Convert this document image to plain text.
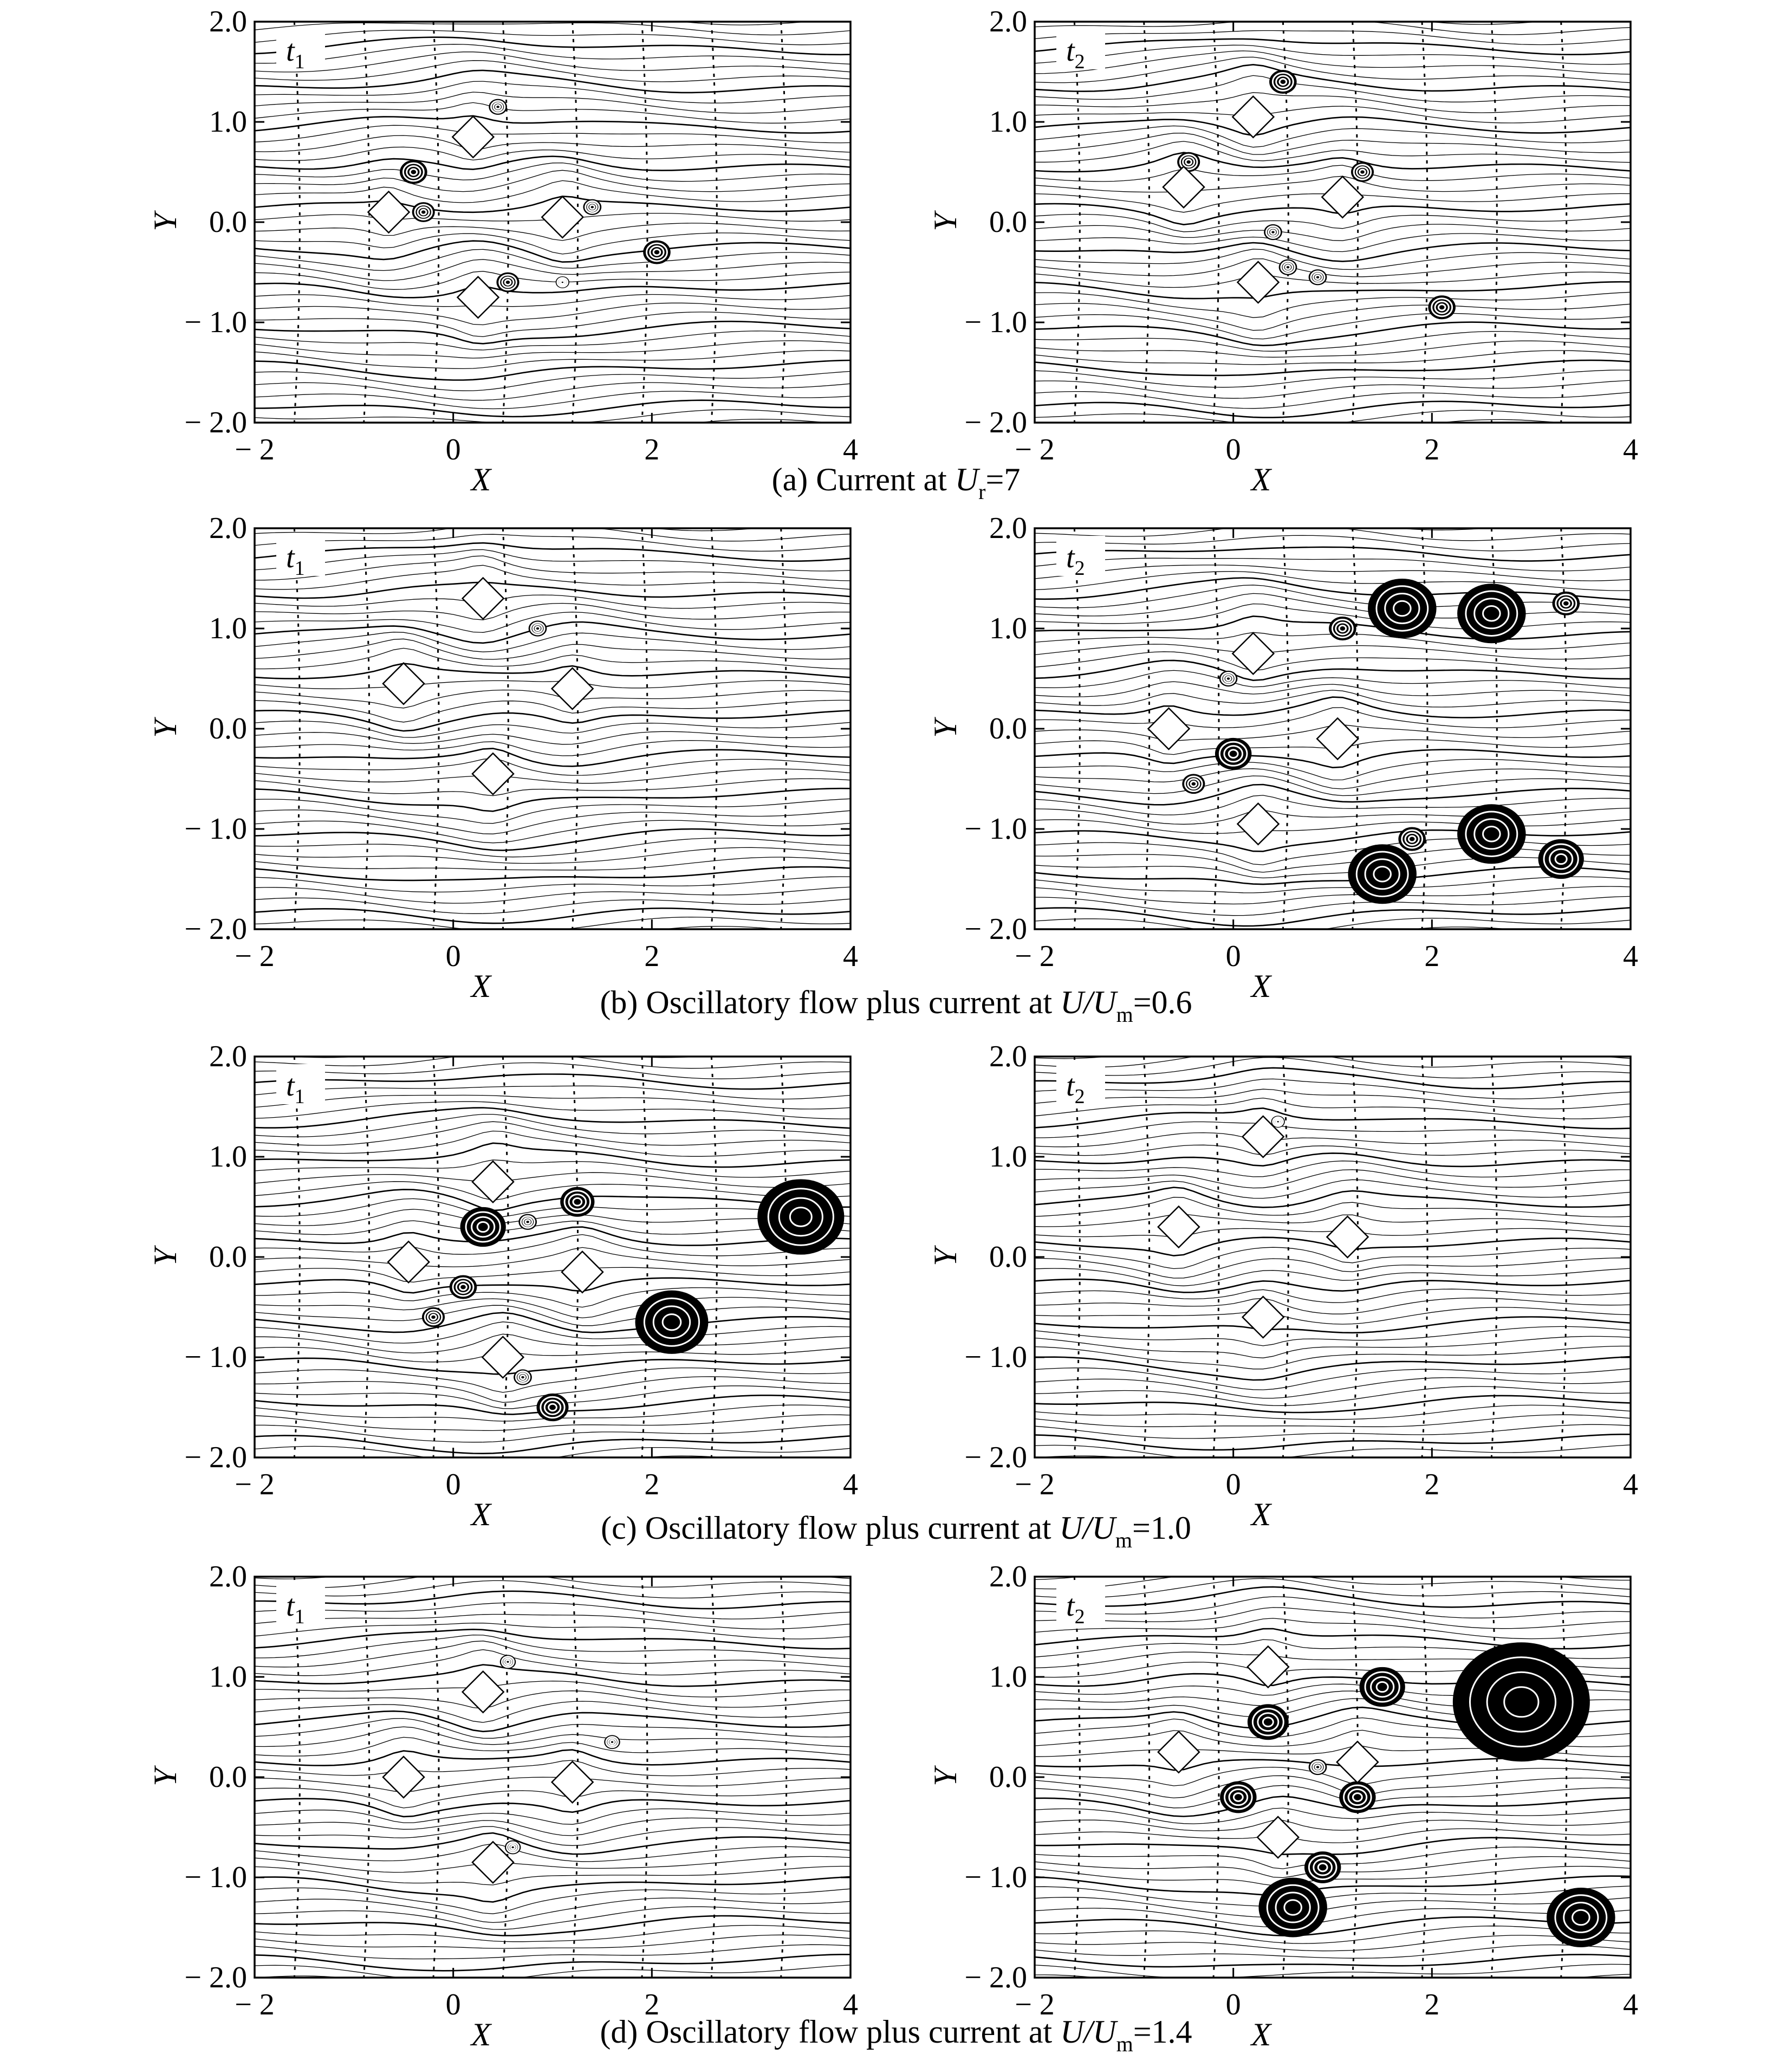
− 2	0	2	4
2.0
1.0
0.0
− 1.0
− 2.0
X
Y
$t_1$
− 2	0	2	4
2.0
1.0
0.0
− 1.0
− 2.0
X
Y
$t_2$
(a) Current at $U_r=7$
− 2	0	2	4
2.0
1.0
0.0
− 1.0
− 2.0
X
Y
$t_1$
− 2	0	2	4
2.0
1.0
0.0
− 1.0
− 2.0
X
Y
$t_2$
(b) Oscillatory flow plus current at $U/U_m=0.6$
− 2	0	2	4
2.0
1.0
0.0
− 1.0
− 2.0
X
Y
$t_1$
− 2	0	2	4
2.0
1.0
0.0
− 1.0
− 2.0
X
Y
$t_2$
(c) Oscillatory flow plus current at $U/U_m=1.0$
− 2	0	2	4
2.0
1.0
0.0
− 1.0
− 2.0
X
Y
$t_1$
− 2	0	2	4
2.0
1.0
0.0
− 1.0
− 2.0
X
Y
$t_2$
(d) Oscillatory flow plus current at $U/U_m=1.4$
